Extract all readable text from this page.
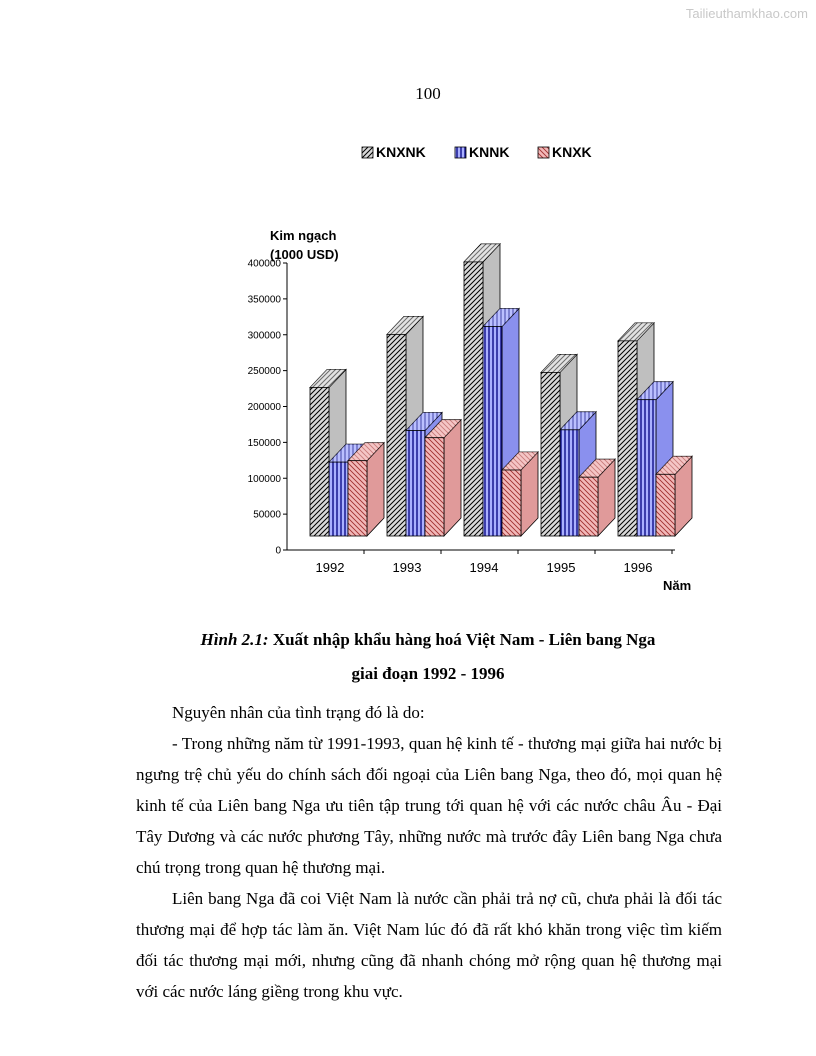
Tailieuthamkhao.com
100
KNXNK	KNNK	KNXK
Kim ngạch
(1000 USD)
Năm
0
50000
100000
150000
200000
250000
300000
350000
400000
1992	1993	1994	1995	1996
Hình 2.1: Xuất nhập khẩu hàng hoá Việt Nam - Liên bang Nga
giai đoạn 1992 - 1996

Nguyên nhân của tình trạng đó là do:

- Trong những năm từ 1991-1993, quan hệ kinh tế - thương mại giữa hai nước bị ngưng trệ chủ yếu do chính sách đối ngoại của Liên bang Nga, theo đó, mọi quan hệ kinh tế của Liên bang Nga ưu tiên tập trung tới quan hệ với các nước châu Âu - Đại Tây Dương và các nước phương Tây, những nước mà trước đây Liên bang Nga chưa chú trọng trong quan hệ thương mại.

Liên bang Nga đã coi Việt Nam là nước cần phải trả nợ cũ, chưa phải là đối tác thương mại để hợp tác làm ăn. Việt Nam lúc đó đã rất khó khăn trong việc tìm kiếm đối tác thương mại mới, nhưng cũng đã nhanh chóng mở rộng quan hệ thương mại với các nước láng giềng trong khu vực.
